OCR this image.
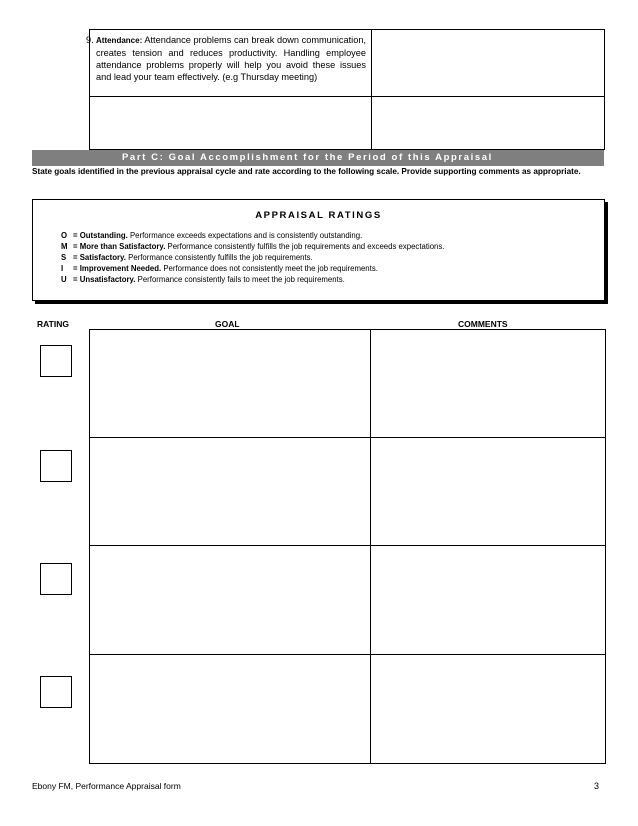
9. Attendance: Attendance problems can break down communication, creates tension and reduces productivity. Handling employee attendance problems properly will help you avoid these issues and lead your team effectively. (e.g Thursday meeting)
Part C: Goal Accomplishment for the Period of this Appraisal
State goals identified in the previous appraisal cycle and rate according to the following scale. Provide supporting comments as appropriate.
APPRAISAL RATINGS
O = Outstanding. Performance exceeds expectations and is consistently outstanding.
M = More than Satisfactory. Performance consistently fulfills the job requirements and exceeds expectations.
S = Satisfactory. Performance consistently fulfills the job requirements.
I = Improvement Needed. Performance does not consistently meet the job requirements.
U = Unsatisfactory. Performance consistently fails to meet the job requirements.
RATING	GOAL	COMMENTS
Ebony FM, Performance Appraisal form	3
